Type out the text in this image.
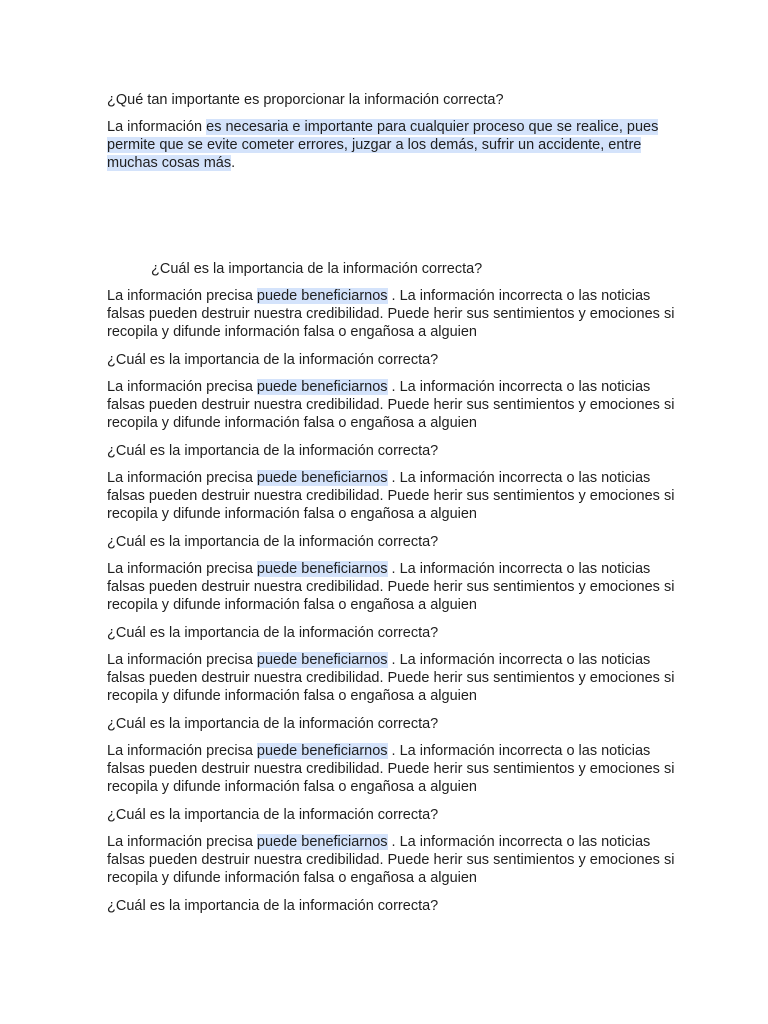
¿Qué tan importante es proporcionar la información correcta?

La información es necesaria e importante para cualquier proceso que se realice, pues permite que se evite cometer errores, juzgar a los demás, sufrir un accidente, entre muchas cosas más.

¿Cuál es la importancia de la información correcta?

La información precisa puede beneficiarnos . La información incorrecta o las noticias falsas pueden destruir nuestra credibilidad. Puede herir sus sentimientos y emociones si recopila y difunde información falsa o engañosa a alguien

¿Cuál es la importancia de la información correcta?

La información precisa puede beneficiarnos . La información incorrecta o las noticias falsas pueden destruir nuestra credibilidad. Puede herir sus sentimientos y emociones si recopila y difunde información falsa o engañosa a alguien

¿Cuál es la importancia de la información correcta?

La información precisa puede beneficiarnos . La información incorrecta o las noticias falsas pueden destruir nuestra credibilidad. Puede herir sus sentimientos y emociones si recopila y difunde información falsa o engañosa a alguien

¿Cuál es la importancia de la información correcta?

La información precisa puede beneficiarnos . La información incorrecta o las noticias falsas pueden destruir nuestra credibilidad. Puede herir sus sentimientos y emociones si recopila y difunde información falsa o engañosa a alguien

¿Cuál es la importancia de la información correcta?

La información precisa puede beneficiarnos . La información incorrecta o las noticias falsas pueden destruir nuestra credibilidad. Puede herir sus sentimientos y emociones si recopila y difunde información falsa o engañosa a alguien

¿Cuál es la importancia de la información correcta?

La información precisa puede beneficiarnos . La información incorrecta o las noticias falsas pueden destruir nuestra credibilidad. Puede herir sus sentimientos y emociones si recopila y difunde información falsa o engañosa a alguien

¿Cuál es la importancia de la información correcta?

La información precisa puede beneficiarnos . La información incorrecta o las noticias falsas pueden destruir nuestra credibilidad. Puede herir sus sentimientos y emociones si recopila y difunde información falsa o engañosa a alguien

¿Cuál es la importancia de la información correcta?
